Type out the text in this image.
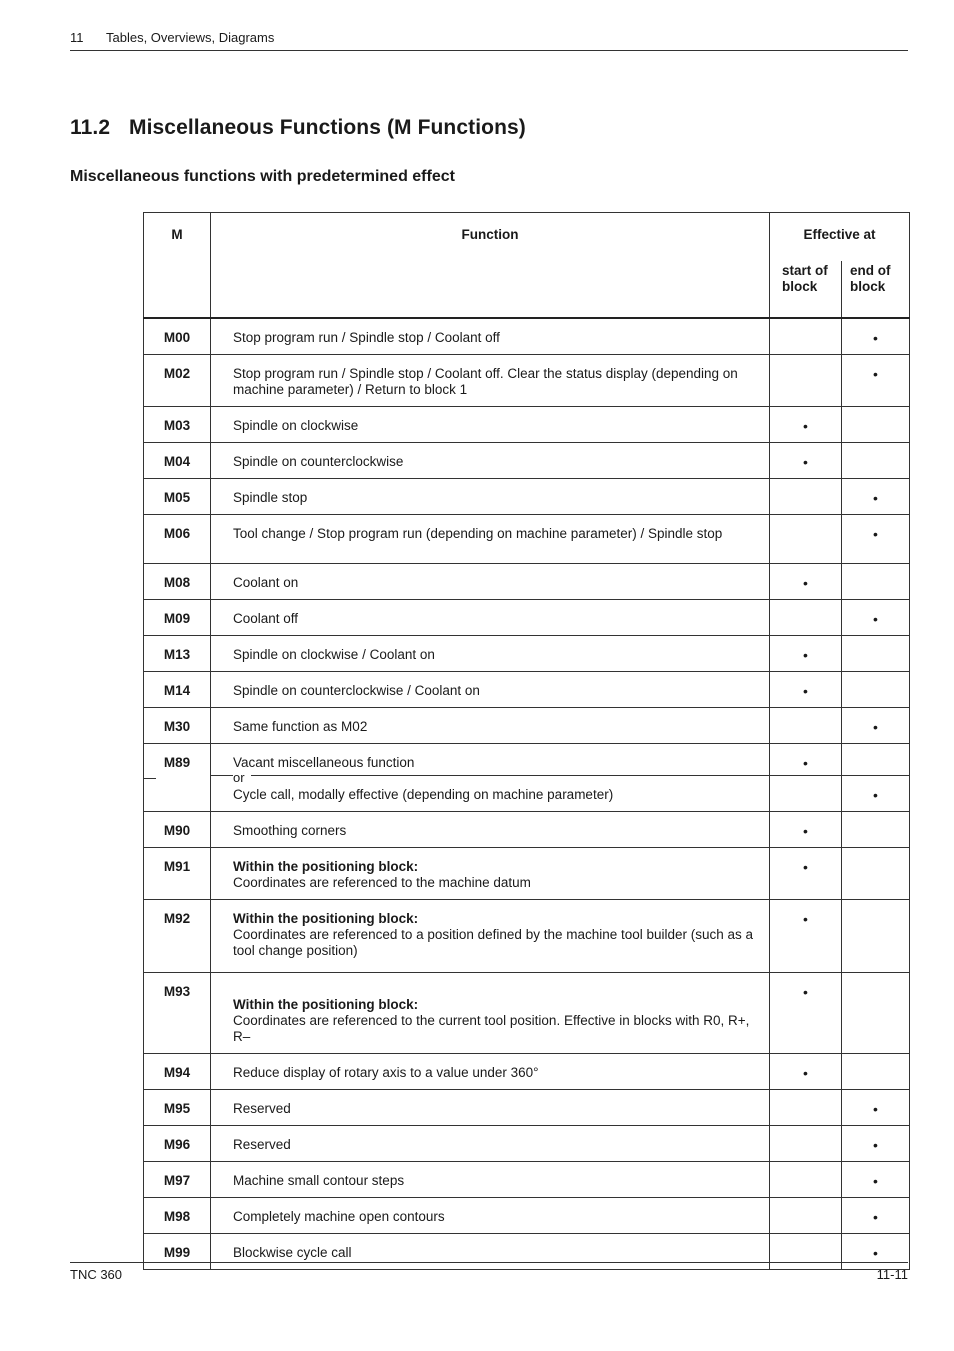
11 Tables, Overviews, Diagrams
11.2 Miscellaneous Functions (M Functions)
Miscellaneous functions with predetermined effect
M	Function	Effective at	
		start of block	end of block
M00	Stop program run / Spindle stop / Coolant off		•
M02	Stop program run / Spindle stop / Coolant off. Clear the status display (depending on machine parameter) / Return to block 1		•
M03	Spindle on clockwise	•	
M04	Spindle on counterclockwise	•	
M05	Spindle stop		•
M06	Tool change / Stop program run (depending on machine parameter) / Spindle stop		•
M08	Coolant on	•	
M09	Coolant off		•
M13	Spindle on clockwise / Coolant on	•	
M14	Spindle on counterclockwise / Coolant on	•	
M30	Same function as M02		•
M89	Vacant miscellaneous function	•	

	or
Cycle call, modally effective (depending on machine parameter)		•
M90	Smoothing corners	•	
M91	Within the positioning block:
Coordinates are referenced to the machine datum	•	
M92	Within the positioning block:
Coordinates are referenced to a position defined by the machine tool builder (such as a tool change position)	•	
M93	Within the positioning block:
Coordinates are referenced to the current tool position. Effective in blocks with R0, R+, R–	•	
M94	Reduce display of rotary axis to a value under 360°	•	
M95	Reserved		•
M96	Reserved		•
M97	Machine small contour steps		•
M98	Completely machine open contours		•
M99	Blockwise cycle call		•
TNC 360	11-11
